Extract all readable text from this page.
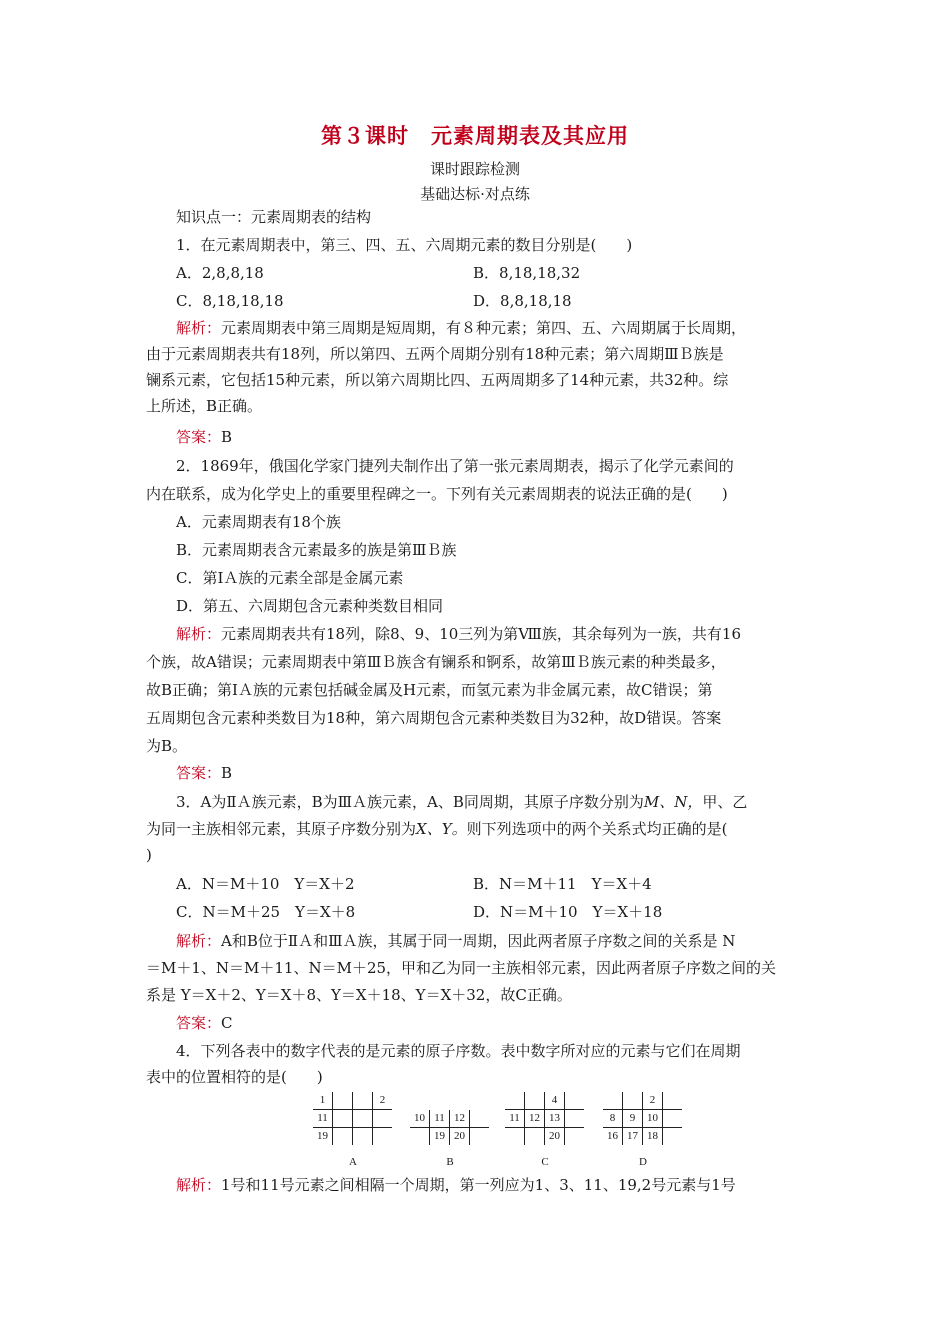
第３课时　元素周期表及其应用
课时跟踪检测
基础达标·对点练
知识点一：元素周期表的结构
1．在元素周期表中，第三、四、五、六周期元素的数目分别是(　　)
A．2,8,8,18	B．8,18,18,32
C．8,18,18,18	D．8,8,18,18
解析：元素周期表中第三周期是短周期，有８种元素；第四、五、六周期属于长周期，
由于元素周期表共有18列，所以第四、五两个周期分别有18种元素；第六周期ⅢＢ族是
镧系元素，它包括15种元素，所以第六周期比四、五两周期多了14种元素，共32种。综
上所述，B正确。
答案：B
2．1869年，俄国化学家门捷列夫制作出了第一张元素周期表，揭示了化学元素间的
内在联系，成为化学史上的重要里程碑之一。下列有关元素周期表的说法正确的是(　　)
A．元素周期表有18个族
B．元素周期表含元素最多的族是第ⅢＢ族
C．第ⅠＡ族的元素全部是金属元素
D．第五、六周期包含元素种类数目相同
解析：元素周期表共有18列，除8、9、10三列为第Ⅷ族，其余每列为一族，共有16
个族，故A错误；元素周期表中第ⅢＢ族含有镧系和锕系，故第ⅢＢ族元素的种类最多，
故B正确；第ⅠＡ族的元素包括碱金属及H元素，而氢元素为非金属元素，故C错误；第
五周期包含元素种类数目为18种，第六周期包含元素种类数目为32种，故D错误。答案
为B。
答案：B
3．A为ⅡＡ族元素，B为ⅢＡ族元素，A、B同周期，其原子序数分别为M、N，甲、乙
为同一主族相邻元素，其原子序数分别为X、Y。则下列选项中的两个关系式均正确的是(
)
A．N＝M＋10　Y＝X＋2	B．N＝M＋11　Y＝X＋4
C．N＝M＋25　Y＝X＋8	D．N＝M＋10　Y＝X＋18
解析：A和B位于ⅡＡ和ⅢＡ族，其属于同一周期，因此两者原子序数之间的关系是 N
＝M＋1、N＝M＋11、N＝M＋25，甲和乙为同一主族相邻元素，因此两者原子序数之间的关
系是 Y＝X＋2、Y＝X＋8、Y＝X＋18、Y＝X＋32，故C正确。
答案：C
4．下列各表中的数字代表的是元素的原子序数。表中数字所对应的元素与它们在周期
表中的位置相符的是(　　)
1			2
11			
19			
A
10	11	12	
	19	20	
B
		4	
11	12	13	
		20	
C
		2	
8	9	10	
16	17	18	
D
解析：1号和11号元素之间相隔一个周期，第一列应为1、3、11、19,2号元素与1号
